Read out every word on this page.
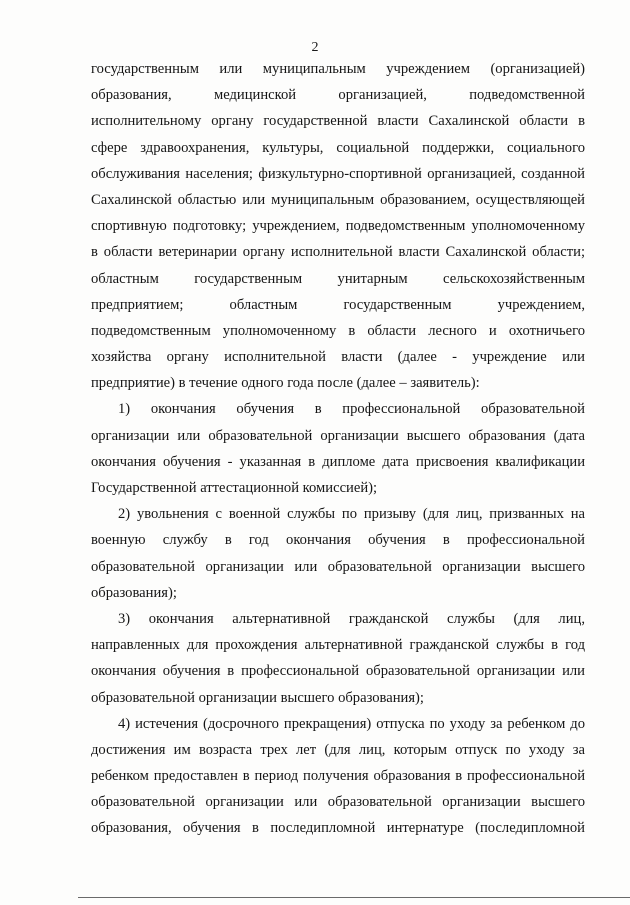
2
государственным или муниципальным учреждением (организацией)
образования, медицинской организацией, подведомственной
исполнительному органу государственной власти Сахалинской области в
сфере здравоохранения, культуры, социальной поддержки, социального
обслуживания населения; физкультурно-спортивной организацией, созданной
Сахалинской областью или муниципальным образованием, осуществляющей
спортивную подготовку; учреждением, подведомственным уполномоченному
в области ветеринарии органу исполнительной власти Сахалинской области;
областным государственным унитарным сельскохозяйственным
предприятием; областным государственным учреждением,
подведомственным уполномоченному в области лесного и охотничьего
хозяйства органу исполнительной власти (далее - учреждение или
предприятие) в течение одного года после (далее – заявитель):
1) окончания обучения в профессиональной образовательной
организации или образовательной организации высшего образования (дата
окончания обучения - указанная в дипломе дата присвоения квалификации
Государственной аттестационной комиссией);
2) увольнения с военной службы по призыву (для лиц, призванных на
военную службу в год окончания обучения в профессиональной
образовательной организации или образовательной организации высшего
образования);
3) окончания альтернативной гражданской службы (для лиц,
направленных для прохождения альтернативной гражданской службы в год
окончания обучения в профессиональной образовательной организации или
образовательной организации высшего образования);
4) истечения (досрочного прекращения) отпуска по уходу за ребенком до
достижения им возраста трех лет (для лиц, которым отпуск по уходу за
ребенком предоставлен в период получения образования в профессиональной
образовательной организации или образовательной организации высшего
образования, обучения в последипломной интернатуре (последипломной
